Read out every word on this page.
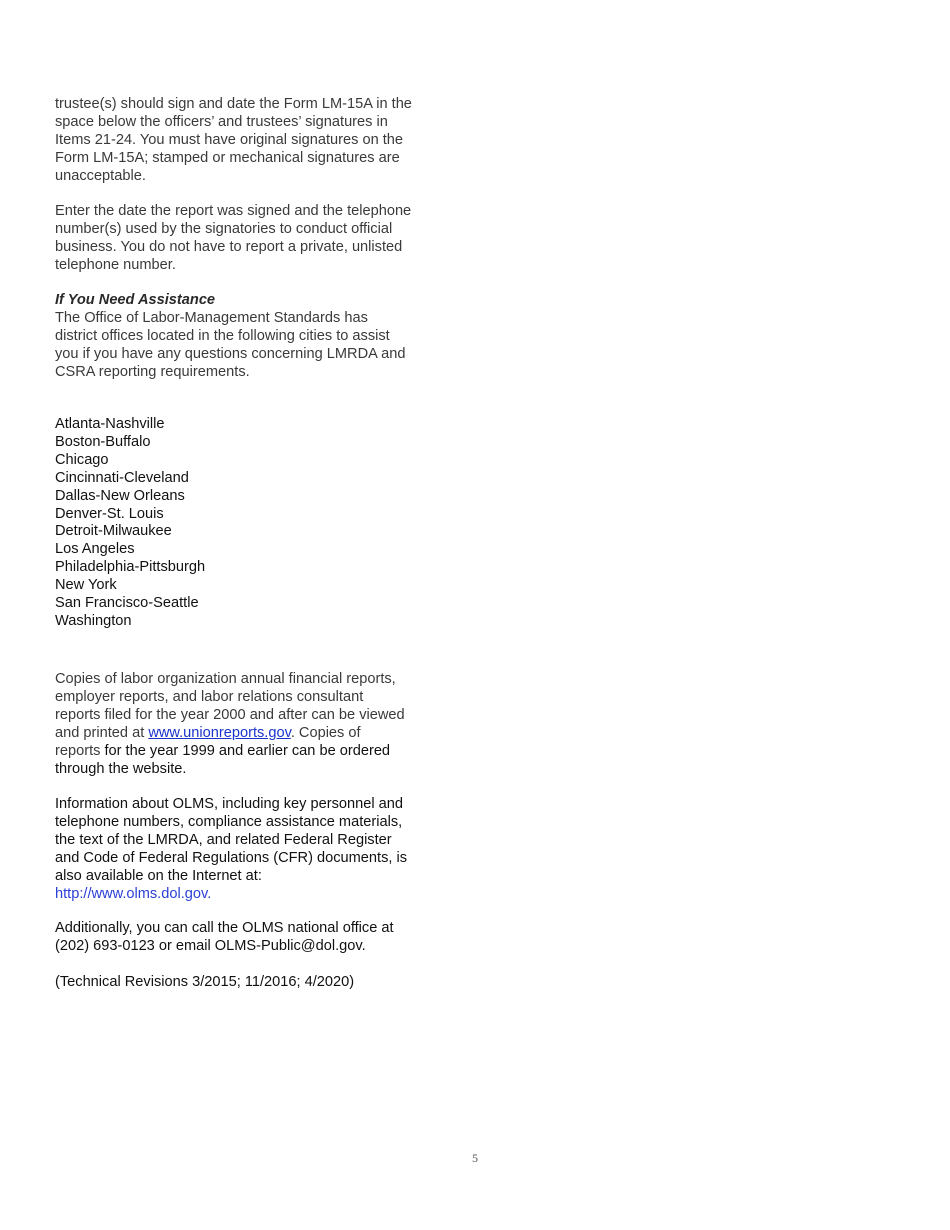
trustee(s) should sign and date the Form LM-15A in the
space below the officers’ and trustees’ signatures in
Items 21-24. You must have original signatures on the
Form LM-15A; stamped or mechanical signatures are
unacceptable.
Enter the date the report was signed and the telephone
number(s) used by the signatories to conduct official
business. You do not have to report a private, unlisted
telephone number.
If You Need Assistance
The Office of Labor-Management Standards has
district offices located in the following cities to assist
you if you have any questions concerning LMRDA and
CSRA reporting requirements.
Atlanta-Nashville
Boston-Buffalo
Chicago
Cincinnati-Cleveland
Dallas-New Orleans
Denver-St. Louis
Detroit-Milwaukee
Los Angeles
Philadelphia-Pittsburgh
New York
San Francisco-Seattle
Washington
Copies of labor organization annual financial reports,
employer reports, and labor relations consultant
reports filed for the year 2000 and after can be viewed
and printed at www.unionreports.gov. Copies of
reports for the year 1999 and earlier can be ordered
through the website.
Information about OLMS, including key personnel and
telephone numbers, compliance assistance materials,
the text of the LMRDA, and related Federal Register
and Code of Federal Regulations (CFR) documents, is
also available on the Internet at:
http://www.olms.dol.gov.
Additionally, you can call the OLMS national office at
(202) 693-0123 or email OLMS-Public@dol.gov.
(Technical Revisions 3/2015; 11/2016; 4/2020)
5
